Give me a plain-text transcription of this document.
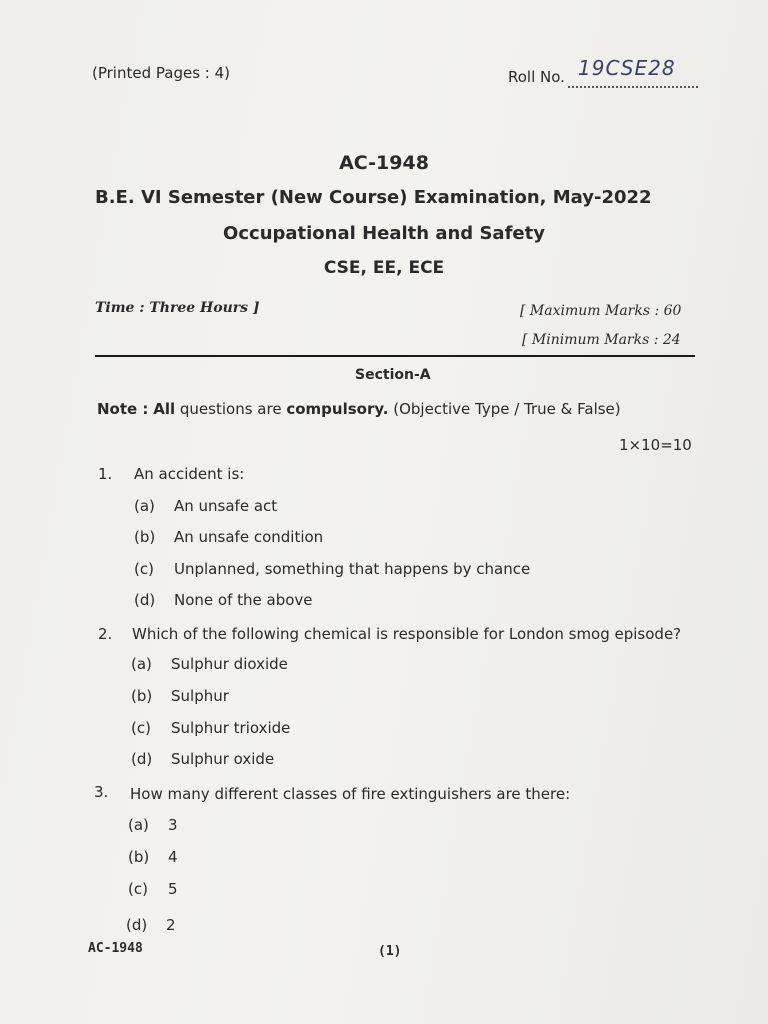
(Printed Pages : 4)	Roll No. 19CSE28
AC-1948
B.E. VI Semester (New Course) Examination, May-2022
Occupational Health and Safety
CSE, EE, ECE
Time : Three Hours ]	[ Maximum Marks : 60
[ Minimum Marks : 24
Section-A
Note : All questions are compulsory. (Objective Type / True & False)
1×10=10
1. An accident is:
(a) An unsafe act
(b) An unsafe condition
(c) Unplanned, something that happens by chance
(d) None of the above
2. Which of the following chemical is responsible for London smog episode?
(a) Sulphur dioxide
(b) Sulphur
(c) Sulphur trioxide
(d) Sulphur oxide
3. How many different classes of fire extinguishers are there:
(a) 3
(b) 4
(c) 5
(d) 2
AC-1948	(1)
